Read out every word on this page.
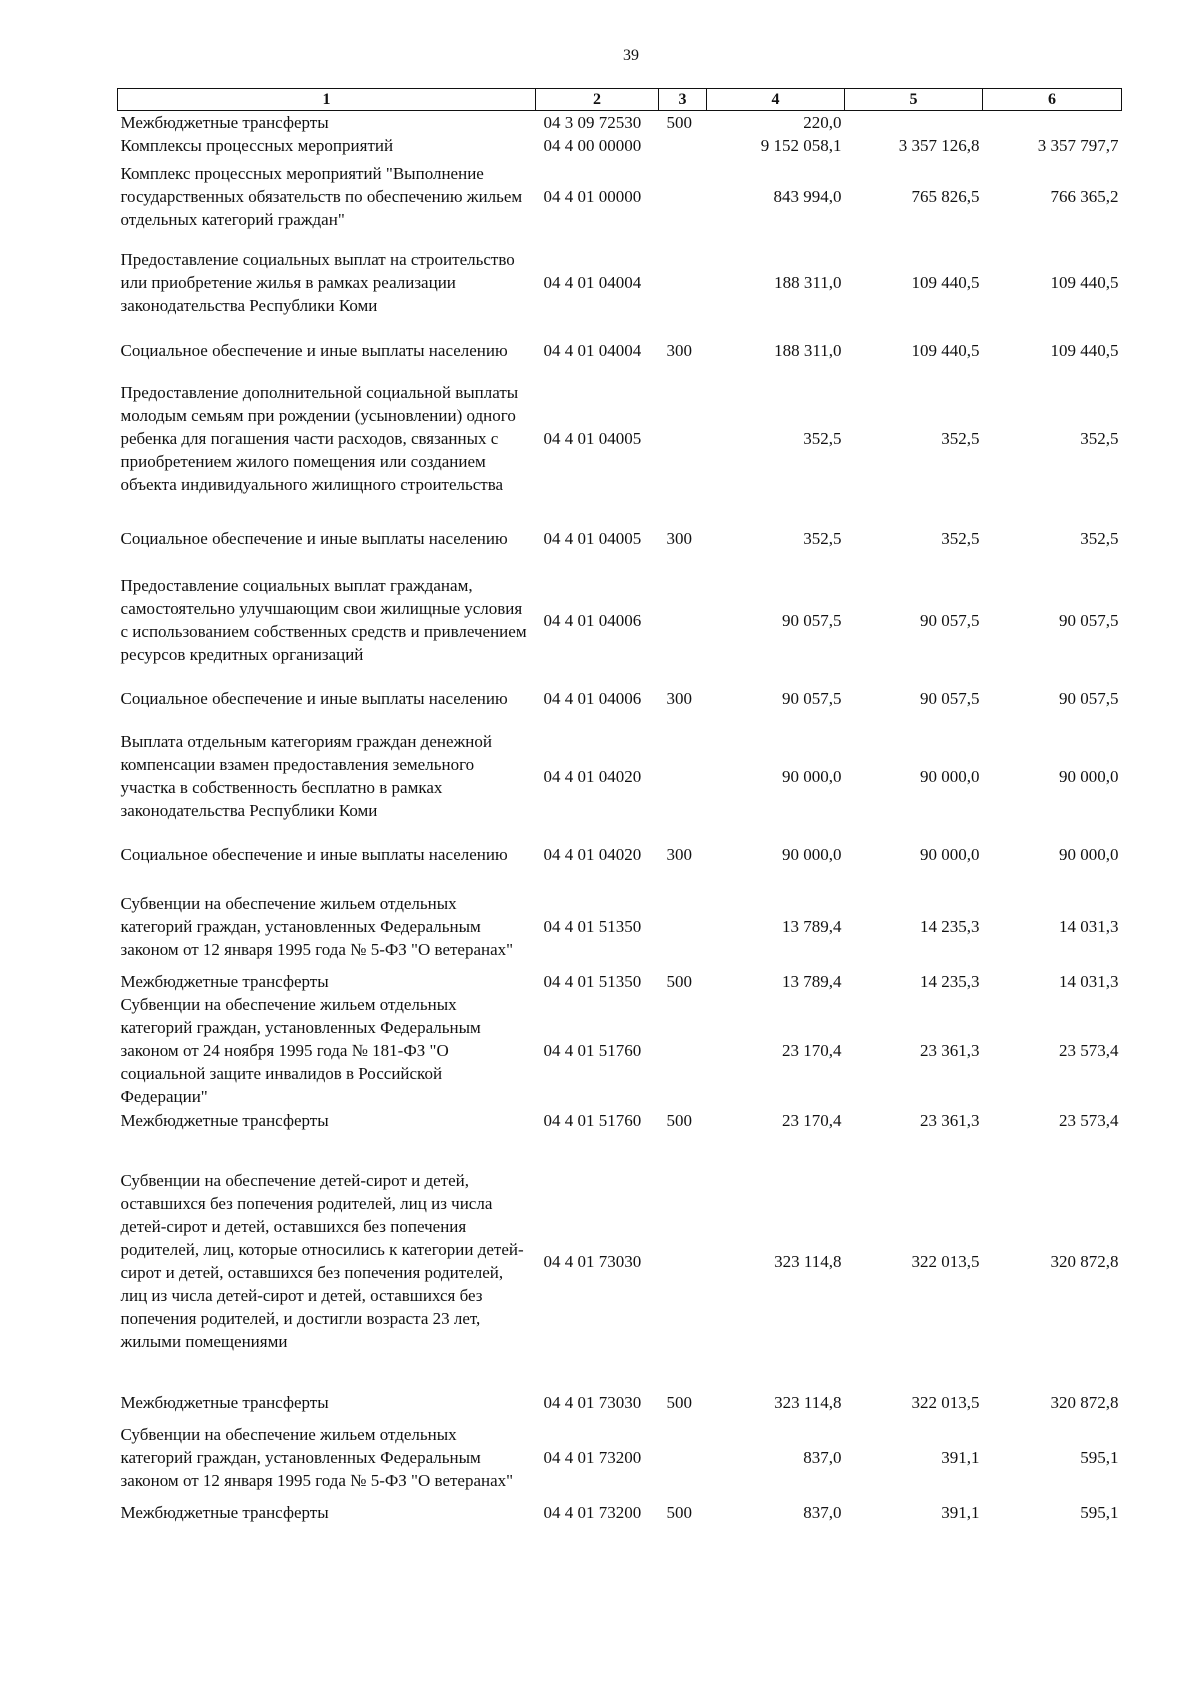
39
1	2	3	4	5	6
Межбюджетные трансферты	04 3 09 72530	500	220,0		
Комплексы процессных мероприятий	04 4 00 00000		9 152 058,1	3 357 126,8	3 357 797,7
Комплекс процессных мероприятий "Выполнение государственных обязательств по обеспечению жильем отдельных категорий граждан"	04 4 01 00000		843 994,0	765 826,5	766 365,2
Предоставление социальных выплат на строительство или приобретение жилья в рамках реализации законодательства Республики Коми	04 4 01 04004		188 311,0	109 440,5	109 440,5
Социальное обеспечение и иные выплаты населению	04 4 01 04004	300	188 311,0	109 440,5	109 440,5
Предоставление дополнительной социальной выплаты молодым семьям при рождении (усыновлении) одного ребенка для погашения части расходов, связанных с приобретением жилого помещения или созданием объекта индивидуального жилищного строительства	04 4 01 04005		352,5	352,5	352,5
Социальное обеспечение и иные выплаты населению	04 4 01 04005	300	352,5	352,5	352,5
Предоставление социальных выплат гражданам, самостоятельно улучшающим свои жилищные условия с использованием собственных средств и привлечением ресурсов кредитных организаций	04 4 01 04006		90 057,5	90 057,5	90 057,5
Социальное обеспечение и иные выплаты населению	04 4 01 04006	300	90 057,5	90 057,5	90 057,5
Выплата отдельным категориям граждан денежной компенсации взамен предоставления земельного участка в собственность бесплатно в рамках законодательства Республики Коми	04 4 01 04020		90 000,0	90 000,0	90 000,0
Социальное обеспечение и иные выплаты населению	04 4 01 04020	300	90 000,0	90 000,0	90 000,0
Субвенции на обеспечение жильем отдельных категорий граждан, установленных Федеральным законом от 12 января 1995 года № 5-ФЗ "О ветеранах"	04 4 01 51350		13 789,4	14 235,3	14 031,3
Межбюджетные трансферты	04 4 01 51350	500	13 789,4	14 235,3	14 031,3
Субвенции на обеспечение жильем отдельных категорий граждан, установленных Федеральным законом от 24 ноября 1995 года № 181-ФЗ "О социальной защите инвалидов в Российской Федерации"	04 4 01 51760		23 170,4	23 361,3	23 573,4
Межбюджетные трансферты	04 4 01 51760	500	23 170,4	23 361,3	23 573,4
Субвенции на обеспечение детей-сирот и детей, оставшихся без попечения родителей, лиц из числа детей-сирот и детей, оставшихся без попечения родителей, лиц, которые относились к категории детей-сирот и детей, оставшихся без попечения родителей, лиц из числа детей-сирот и детей, оставшихся без попечения родителей, и достигли возраста 23 лет, жилыми помещениями	04 4 01 73030		323 114,8	322 013,5	320 872,8
Межбюджетные трансферты	04 4 01 73030	500	323 114,8	322 013,5	320 872,8
Субвенции на обеспечение жильем отдельных категорий граждан, установленных Федеральным законом от 12 января 1995 года № 5-ФЗ "О ветеранах"	04 4 01 73200		837,0	391,1	595,1
Межбюджетные трансферты	04 4 01 73200	500	837,0	391,1	595,1
